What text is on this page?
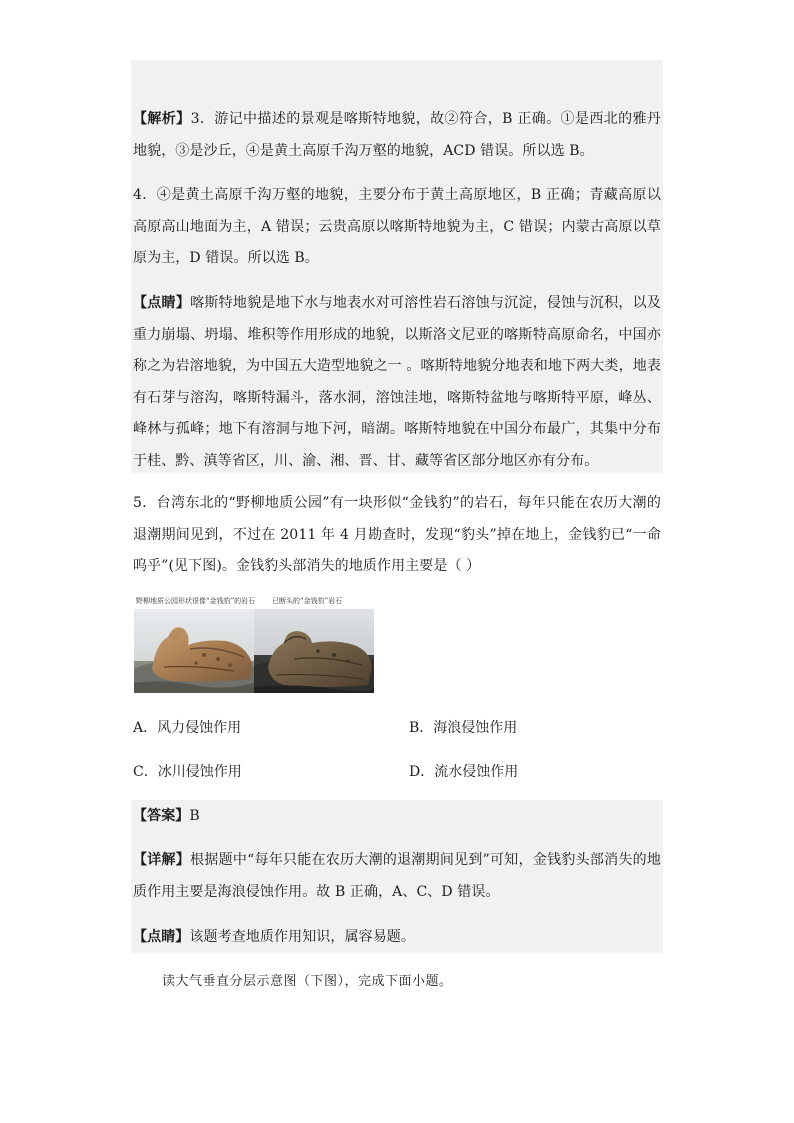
【解析】3．游记中描述的景观是喀斯特地貌，故②符合，B 正确。①是西北的雅丹地貌，③是沙丘，④是黄土高原千沟万壑的地貌，ACD 错误。所以选 B。
4．④是黄土高原千沟万壑的地貌，主要分布于黄土高原地区，B 正确；青藏高原以高原高山地面为主，A 错误；云贵高原以喀斯特地貌为主，C 错误；内蒙古高原以草原为主，D 错误。所以选 B。
【点睛】喀斯特地貌是地下水与地表水对可溶性岩石溶蚀与沉淀，侵蚀与沉积，以及重力崩塌、坍塌、堆积等作用形成的地貌，以斯洛文尼亚的喀斯特高原命名，中国亦称之为岩溶地貌，为中国五大造型地貌之一 。喀斯特地貌分地表和地下两大类，地表有石芽与溶沟，喀斯特漏斗，落水洞，溶蚀洼地，喀斯特盆地与喀斯特平原，峰丛、峰林与孤峰；地下有溶洞与地下河，暗湖。喀斯特地貌在中国分布最广，其集中分布于桂、黔、滇等省区，川、渝、湘、晋、甘、藏等省区部分地区亦有分布。
5．台湾东北的“野柳地质公园”有一块形似“金钱豹”的岩石，每年只能在农历大潮的退潮期间见到，不过在 2011 年 4 月勘查时，发现“豹头”掉在地上，金钱豹已“一命呜乎”(见下图)。金钱豹头部消失的地质作用主要是（ ）
野柳地质公园形状很像“金钱豹”的岩石 已断头的“金钱豹”岩石
A．风力侵蚀作用	B．海浪侵蚀作用
C．冰川侵蚀作用	D．流水侵蚀作用
【答案】B
【详解】根据题中“每年只能在农历大潮的退潮期间见到”可知，金钱豹头部消失的地质作用主要是海浪侵蚀作用。故 B 正确，A、C、D 错误。
【点睛】该题考查地质作用知识，属容易题。
读大气垂直分层示意图（下图），完成下面小题。
